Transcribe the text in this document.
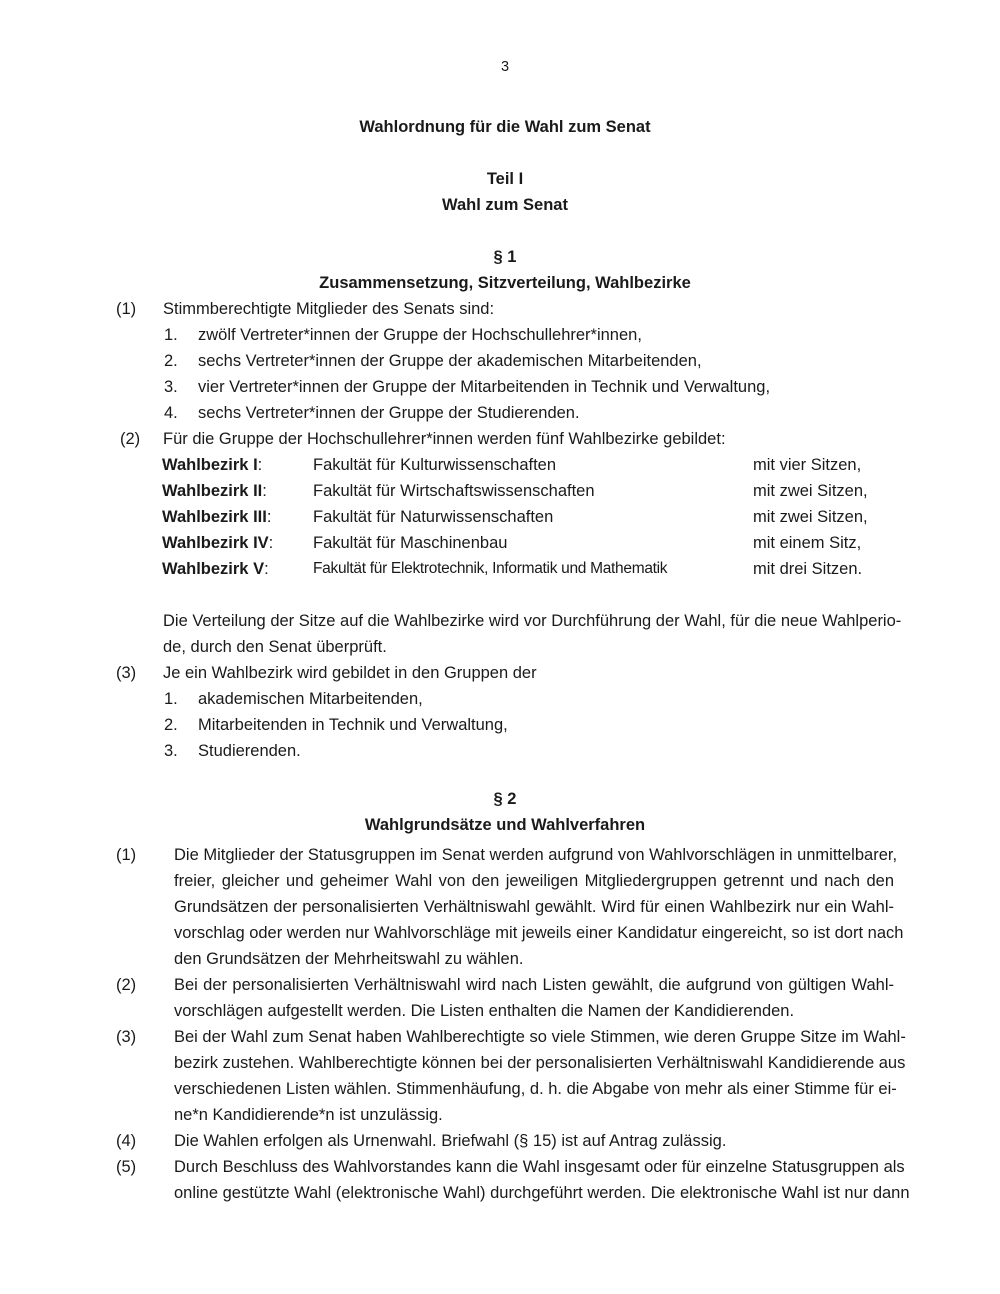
3
Wahlordnung für die Wahl zum Senat
Teil I
Wahl zum Senat
§ 1
Zusammensetzung, Sitzverteilung, Wahlbezirke
(1) Stimmberechtigte Mitglieder des Senats sind:
1. zwölf Vertreter*innen der Gruppe der Hochschullehrer*innen,
2. sechs Vertreter*innen der Gruppe der akademischen Mitarbeitenden,
3. vier Vertreter*innen der Gruppe der Mitarbeitenden in Technik und Verwaltung,
4. sechs Vertreter*innen der Gruppe der Studierenden.
(2) Für die Gruppe der Hochschullehrer*innen werden fünf Wahlbezirke gebildet:
Wahlbezirk I:	Fakultät für Kulturwissenschaften	mit vier Sitzen,
Wahlbezirk II:	Fakultät für Wirtschaftswissenschaften	mit zwei Sitzen,
Wahlbezirk III:	Fakultät für Naturwissenschaften	mit zwei Sitzen,
Wahlbezirk IV: Fakultät für Maschinenbau	mit einem Sitz,
Wahlbezirk V:	Fakultät für Elektrotechnik, Informatik und Mathematik	mit drei Sitzen.
Die Verteilung der Sitze auf die Wahlbezirke wird vor Durchführung der Wahl, für die neue Wahlperio-
de, durch den Senat überprüft.
(3) Je ein Wahlbezirk wird gebildet in den Gruppen der
1. akademischen Mitarbeitenden,
2. Mitarbeitenden in Technik und Verwaltung,
3. Studierenden.
§ 2
Wahlgrundsätze und Wahlverfahren
(1) Die Mitglieder der Statusgruppen im Senat werden aufgrund von Wahlvorschlägen in unmittelbarer,
freier, gleicher und geheimer Wahl von den jeweiligen Mitgliedergruppen getrennt und nach den
Grundsätzen der personalisierten Verhältniswahl gewählt. Wird für einen Wahlbezirk nur ein Wahl-
vorschlag oder werden nur Wahlvorschläge mit jeweils einer Kandidatur eingereicht, so ist dort nach
den Grundsätzen der Mehrheitswahl zu wählen.
(2) Bei der personalisierten Verhältniswahl wird nach Listen gewählt, die aufgrund von gültigen Wahl-
vorschlägen aufgestellt werden. Die Listen enthalten die Namen der Kandidierenden.
(3) Bei der Wahl zum Senat haben Wahlberechtigte so viele Stimmen, wie deren Gruppe Sitze im Wahl-
bezirk zustehen. Wahlberechtigte können bei der personalisierten Verhältniswahl Kandidierende aus
verschiedenen Listen wählen. Stimmenhäufung, d. h. die Abgabe von mehr als einer Stimme für ei-
ne*n Kandidierende*n ist unzulässig.
(4) Die Wahlen erfolgen als Urnenwahl. Briefwahl (§ 15) ist auf Antrag zulässig.
(5) Durch Beschluss des Wahlvorstandes kann die Wahl insgesamt oder für einzelne Statusgruppen als
online gestützte Wahl (elektronische Wahl) durchgeführt werden. Die elektronische Wahl ist nur dann
